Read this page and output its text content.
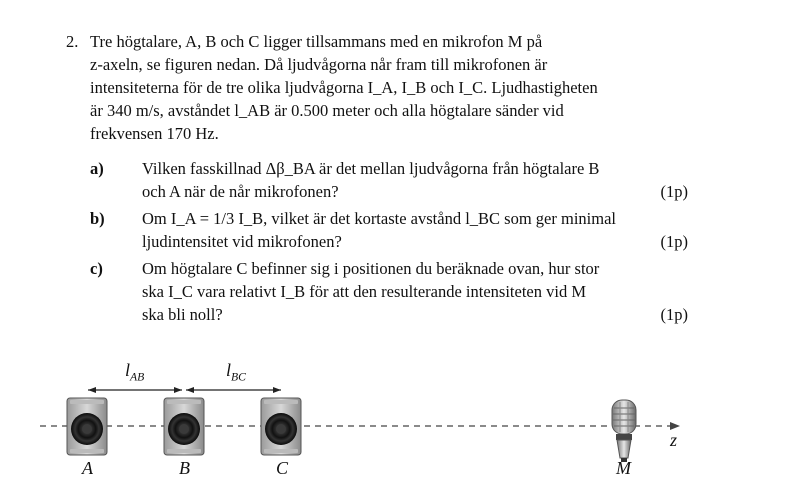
2. Tre högtalare, A, B och C ligger tillsammans med en mikrofon M på

z-axeln, se figuren nedan. Då ljudvågorna når fram till mikrofonen är

intensiteterna för de tre olika ljudvågorna I_A, I_B och I_C. Ljudhastigheten

är 340 m/s, avståndet l_AB är 0.500 meter och alla högtalare sänder vid

frekvensen 170 Hz.

a) Vilken fasskillnad Δβ_BA är det mellan ljudvågorna från högtalare B
och A när de når mikrofonen?	(1p)
b) Om I_A = 1/3 I_B, vilket är det kortaste avstånd l_BC som ger minimal
ljudintensitet vid mikrofonen?	(1p)
c) Om högtalare C befinner sig i positionen du beräknade ovan, hur stor
ska I_C vara relativt I_B för att den resulterande intensiteten vid M
ska bli noll?	(1p)
$l_{AB}$	$l_{BC}$
A	B	C	M
z
